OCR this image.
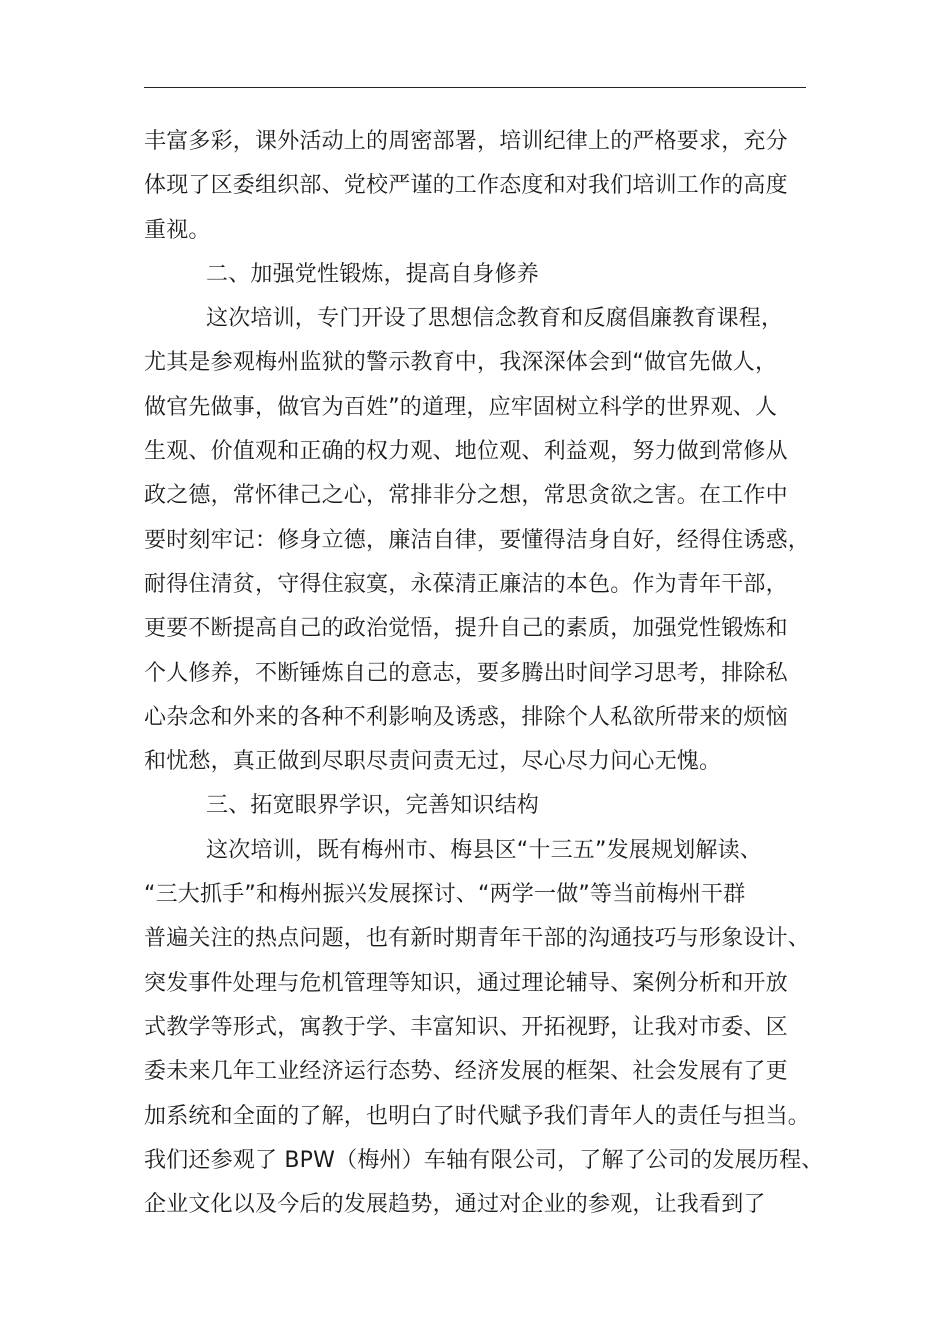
丰富多彩，课外活动上的周密部署，培训纪律上的严格要求，充分
体现了区委组织部、党校严谨的工作态度和对我们培训工作的高度
重视。
二、加强党性锻炼，提高自身修养
这次培训，专门开设了思想信念教育和反腐倡廉教育课程，
尤其是参观梅州监狱的警示教育中，我深深体会到“做官先做人，
做官先做事，做官为百姓”的道理，应牢固树立科学的世界观、人
生观、价值观和正确的权力观、地位观、利益观，努力做到常修从
政之德，常怀律己之心，常排非分之想，常思贪欲之害。在工作中
要时刻牢记：修身立德，廉洁自律，要懂得洁身自好，经得住诱惑，
耐得住清贫，守得住寂寞，永葆清正廉洁的本色。作为青年干部，
更要不断提高自己的政治觉悟，提升自己的素质，加强党性锻炼和
个人修养，不断锤炼自己的意志，要多腾出时间学习思考，排除私
心杂念和外来的各种不利影响及诱惑，排除个人私欲所带来的烦恼
和忧愁，真正做到尽职尽责问责无过，尽心尽力问心无愧。
三、拓宽眼界学识，完善知识结构
这次培训，既有梅州市、梅县区“十三五”发展规划解读、
“三大抓手”和梅州振兴发展探讨、“两学一做”等当前梅州干群
普遍关注的热点问题，也有新时期青年干部的沟通技巧与形象设计、
突发事件处理与危机管理等知识，通过理论辅导、案例分析和开放
式教学等形式，寓教于学、丰富知识、开拓视野，让我对市委、区
委未来几年工业经济运行态势、经济发展的框架、社会发展有了更
加系统和全面的了解，也明白了时代赋予我们青年人的责任与担当。
我们还参观了 BPW（梅州）车轴有限公司，了解了公司的发展历程、
企业文化以及今后的发展趋势，通过对企业的参观，让我看到了
